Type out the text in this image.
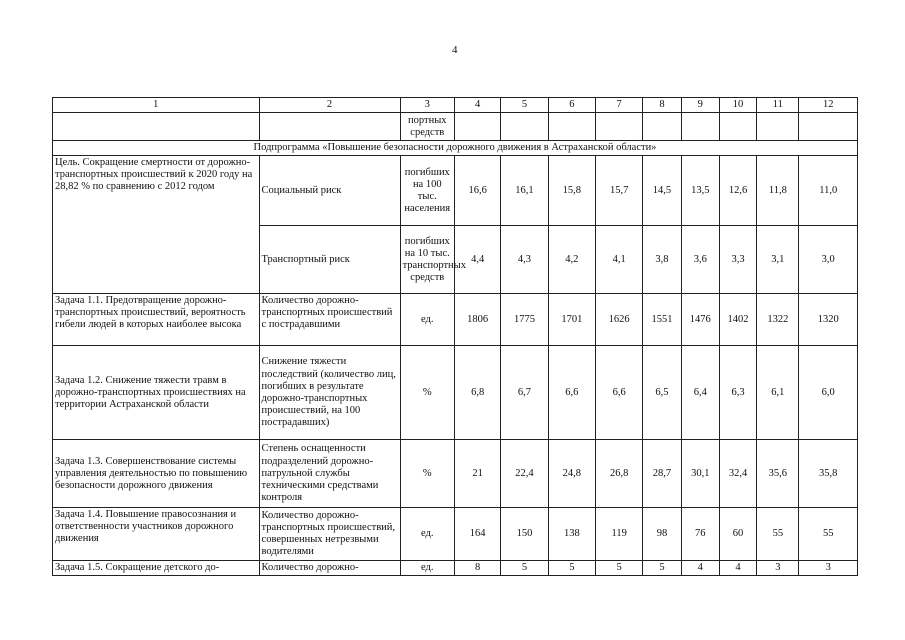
4
1	2	3	4	5	6	7	8	9	10	11	12
		портных средств									
Подпрограмма «Повышение безопасности дорожного движения в Астраханской области»											
Цель. Сокращение смертности от дорожно-транспортных происшествий к 2020 году на 28,82 % по сравнению с 2012 годом	Социальный риск	погибших на 100 тыс. населения	16,6	16,1	15,8	15,7	14,5	13,5	12,6	11,8	11,0
	Транспортный риск	погибших на 10 тыс. транспортных средств	4,4	4,3	4,2	4,1	3,8	3,6	3,3	3,1	3,0
Задача 1.1. Предотвращение дорожно-транспортных происшествий, вероятность гибели людей в которых наиболее высока	Количество дорожно-транспортных происшествий с пострадавшими	ед.	1806	1775	1701	1626	1551	1476	1402	1322	1320
Задача 1.2. Снижение тяжести травм в дорожно-транспортных происшествиях на территории Астраханской области	Снижение тяжести последствий (количество лиц, погибших в результате дорожно-транспортных происшествий, на 100 пострадавших)	%	6,8	6,7	6,6	6,6	6,5	6,4	6,3	6,1	6,0
Задача 1.3. Совершенствование системы управления деятельностью по повышению безопасности дорожного движения	Степень оснащенности подразделений дорожно-патрульной службы техническими средствами контроля	%	21	22,4	24,8	26,8	28,7	30,1	32,4	35,6	35,8
Задача 1.4. Повышение правосознания и ответственности участников дорожного движения	Количество дорожно-транспортных происшествий, совершенных нетрезвыми водителями	ед.	164	150	138	119	98	76	60	55	55
Задача 1.5. Сокращение детского до-	Количество дорожно-	ед.	8	5	5	5	5	4	4	3	3
